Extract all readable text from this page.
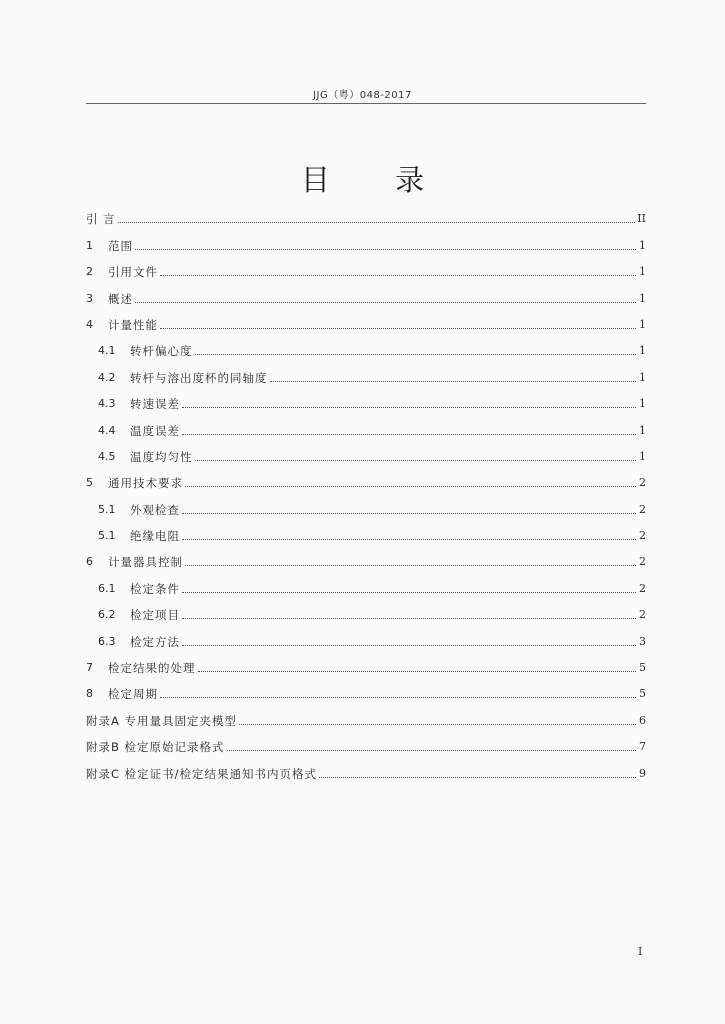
JJG（粤）048-2017
目 录
引 言	II
1	范围	1
2	引用文件	1
3	概述	1
4	计量性能	1
4.1	转杆偏心度	1
4.2	转杆与溶出度杯的同轴度	1
4.3	转速误差	1
4.4	温度误差	1
4.5	温度均匀性	1
5	通用技术要求	2
5.1	外观检查	2
5.1	绝缘电阻	2
6	计量器具控制	2
6.1	检定条件	2
6.2	检定项目	2
6.3	检定方法	3
7	检定结果的处理	5
8	检定周期	5
附录A 专用量具固定夹模型	6
附录B 检定原始记录格式	7
附录C 检定证书/检定结果通知书内页格式	9
I
